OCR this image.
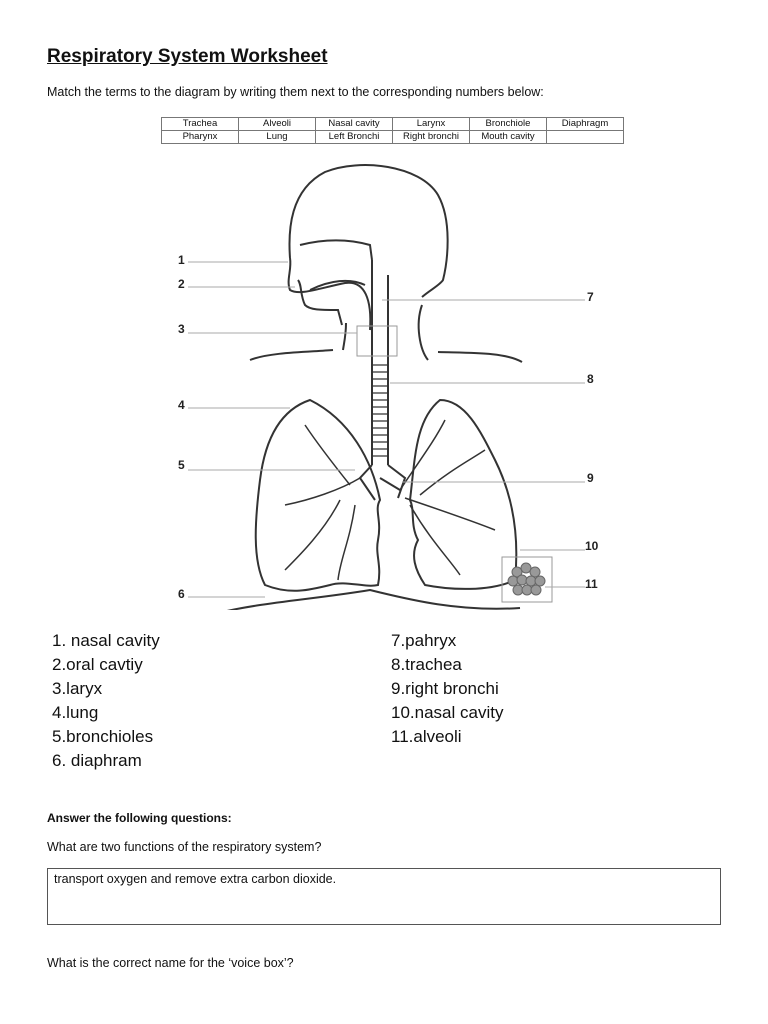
Respiratory System Worksheet
Match the terms to the diagram by writing them next to the corresponding numbers below:
Trachea	Alveoli	Nasal cavity	Larynx	Bronchiole	Diaphragm
Pharynx	Lung	Left Bronchi	Right bronchi	Mouth cavity	
1
2
3
4
5
6
7
8
9
10
11
1. nasal cavity
2.oral cavtiy
3.laryx
4.lung
5.bronchioles
6. diaphram
7.pahryx
8.trachea
9.right bronchi
10.nasal cavity
11.alveoli
Answer the following questions:
What are two functions of the respiratory system?
transport oxygen and remove extra carbon dioxide.
What is the correct name for the ‘voice box’?
